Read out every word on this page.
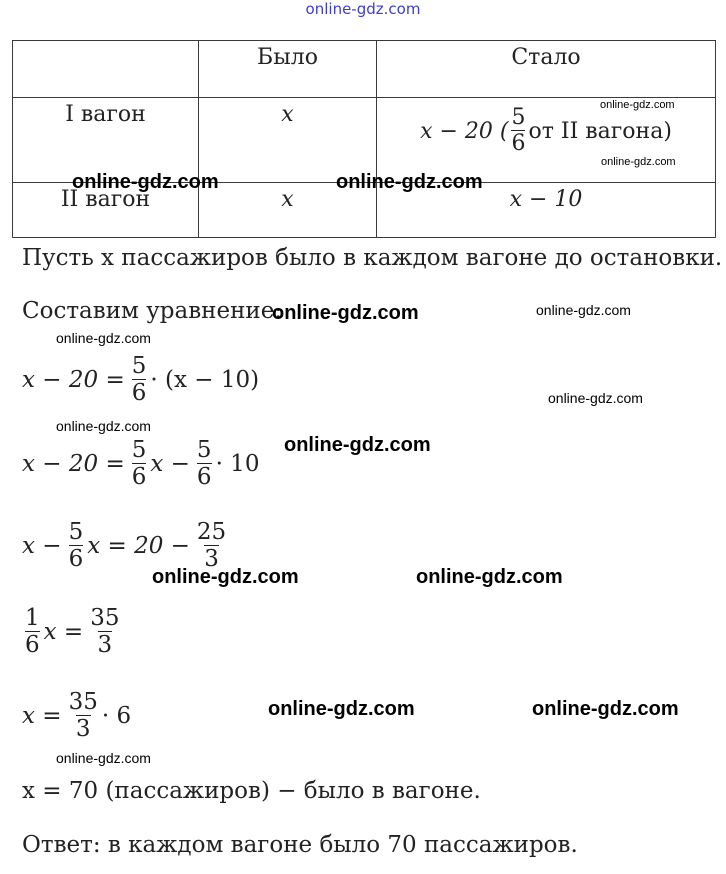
online-gdz.com

	Было	Стало

I вагон	x	x − 20 ( $\frac{5}{6}$ от II вагона)
online-gdz.com

II вагон	x	x − 10
online-gdz.com
online-gdz.com	online-gdz.com
Пусть x пассажиров было в каждом вагоне до остановки.
Составим уравнение:
online-gdz.com	online-gdz.com
online-gdz.com
$x - 20 = \frac{5}{6} \cdot (x - 10)$
online-gdz.com
online-gdz.com
online-gdz.com
$x - 20 = \frac{5}{6}$ $x - \frac{5}{6} \cdot 10$
$x - \frac{5}{6}$ $x = 20 - \frac{25}{3}$
online-gdz.com	online-gdz.com
$\frac{1}{6}$ $x = \frac{35}{3}$
$x = \frac{35}{3} \cdot 6$	online-gdz.com	online-gdz.com
online-gdz.com
x = 70 (пассажиров) − было в вагоне.
Ответ: в каждом вагоне было 70 пассажиров.
